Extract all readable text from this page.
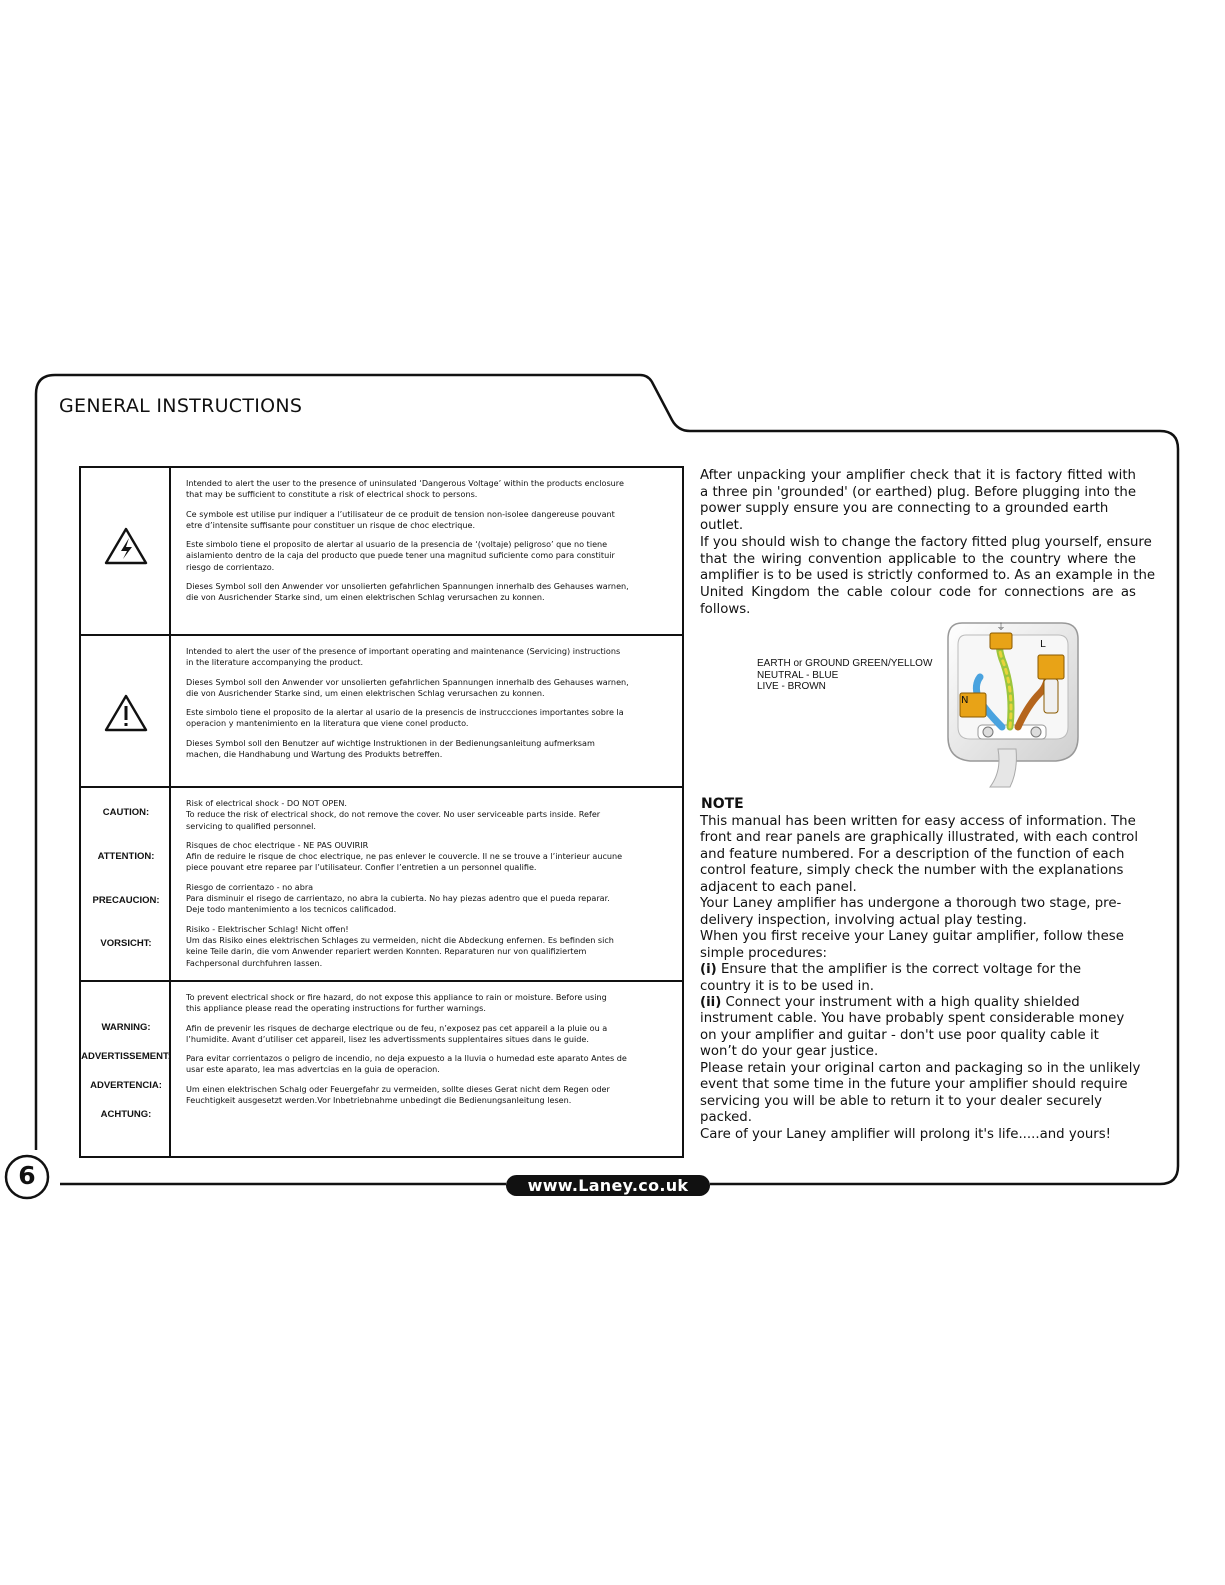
GENERAL INSTRUCTIONS

Intended to alert the user to the presence of uninsulated ‘Dangerous Voltage’ within the products enclosure
that may be sufficient to constitute a risk of electrical shock to persons.

Ce symbole est utilise pur indiquer a l’utilisateur de ce produit de tension non-isolee dangereuse pouvant
etre d’intensite suffisante pour constituer un risque de choc electrique.

Este simbolo tiene el proposito de alertar al usuario de la presencia de ‘(voltaje) peligroso’ que no tiene
aislamiento dentro de la caja del producto que puede tener una magnitud suficiente como para constituir
riesgo de corrientazo.

Dieses Symbol soll den Anwender vor unsolierten gefahrlichen Spannungen innerhalb des Gehauses warnen,
die von Ausrichender Starke sind, um einen elektrischen Schlag verursachen zu konnen.

Intended to alert the user of the presence of important operating and maintenance (Servicing) instructions
in the literature accompanying the product.

Dieses Symbol soll den Anwender vor unsolierten gefahrlichen Spannungen innerhalb des Gehauses warnen,
die von Ausrichender Starke sind, um einen elektrischen Schlag verursachen zu konnen.

Este simbolo tiene el proposito de la alertar al usario de la presencis de instruccciones importantes sobre la
operacion y mantenimiento en la literatura que viene conel producto.

Dieses Symbol soll den Benutzer auf wichtige Instruktionen in der Bedienungsanleitung aufmerksam
machen, die Handhabung und Wartung des Produkts betreffen.

CAUTION:
ATTENTION:
PRECAUCION:
VORSICHT:

Risk of electrical shock - DO NOT OPEN.
To reduce the risk of electrical shock, do not remove the cover. No user serviceable parts inside. Refer
servicing to qualified personnel.

Risques de choc electrique - NE PAS OUVIRIR
Afin de reduire le risque de choc electrique, ne pas enlever le couvercle. Il ne se trouve a l’interieur aucune
piece pouvant etre reparee par l’utilisateur. Confier l’entretien a un personnel qualifie.

Riesgo de corrientazo - no abra
Para disminuir el risego de carrientazo, no abra la cubierta. No hay piezas adentro que el pueda reparar.
Deje todo mantenimiento a los tecnicos calificadod.

Risiko - Elektrischer Schlag! Nicht offen!
Um das Risiko eines elektrischen Schlages zu vermeiden, nicht die Abdeckung enfernen. Es befinden sich
keine Teile darin, die vom Anwender repariert werden Konnten. Reparaturen nur von qualifiziertem
Fachpersonal durchfuhren lassen.

WARNING:
ADVERTISSEMENT:
ADVERTENCIA:
ACHTUNG:

To prevent electrical shock or fire hazard, do not expose this appliance to rain or moisture. Before using
this appliance please read the operating instructions for further warnings.

Afin de prevenir les risques de decharge electrique ou de feu, n’exposez pas cet appareil a la pluie ou a
l’humidite. Avant d’utiliser cet appareil, lisez les advertissments supplentaires situes dans le guide.

Para evitar corrientazos o peligro de incendio, no deja expuesto a la lluvia o humedad este aparato Antes de
usar este aparato, lea mas advertcias en la guia de operacion.

Um einen elektrischen Schalg oder Feuergefahr zu vermeiden, sollte dieses Gerat nicht dem Regen oder
Feuchtigkeit ausgesetzt werden.Vor Inbetriebnahme unbedingt die Bedienungsanleitung lesen.

After unpacking your amplifier check that it is factory fitted with
a three pin 'grounded' (or earthed) plug. Before plugging into the
power supply ensure you are connecting to a grounded earth
outlet.
If you should wish to change the factory fitted plug yourself, ensure
that the wiring convention applicable to the country where the
amplifier is to be used is strictly conformed to. As an example in the
United Kingdom the cable colour code for connections are as
follows.

EARTH or GROUND GREEN/YELLOW
NEUTRAL - BLUE
LIVE - BROWN
⏚
L
N
NOTE

This manual has been written for easy access of information. The
front and rear panels are graphically illustrated, with each control
and feature numbered. For a description of the function of each
control feature, simply check the number with the explanations
adjacent to each panel.
Your Laney amplifier has undergone a thorough two stage, pre-
delivery inspection, involving actual play testing.
When you first receive your Laney guitar amplifier, follow these
simple procedures:
(i) Ensure that the amplifier is the correct voltage for the
country it is to be used in.
(ii) Connect your instrument with a high quality shielded
instrument cable. You have probably spent considerable money
on your amplifier and guitar - don't use poor quality cable it
won’t do your gear justice.
Please retain your original carton and packaging so in the unlikely
event that some time in the future your amplifier should require
servicing you will be able to return it to your dealer securely
packed.
Care of your Laney amplifier will prolong it's life.....and yours!

6	www.Laney.co.uk
